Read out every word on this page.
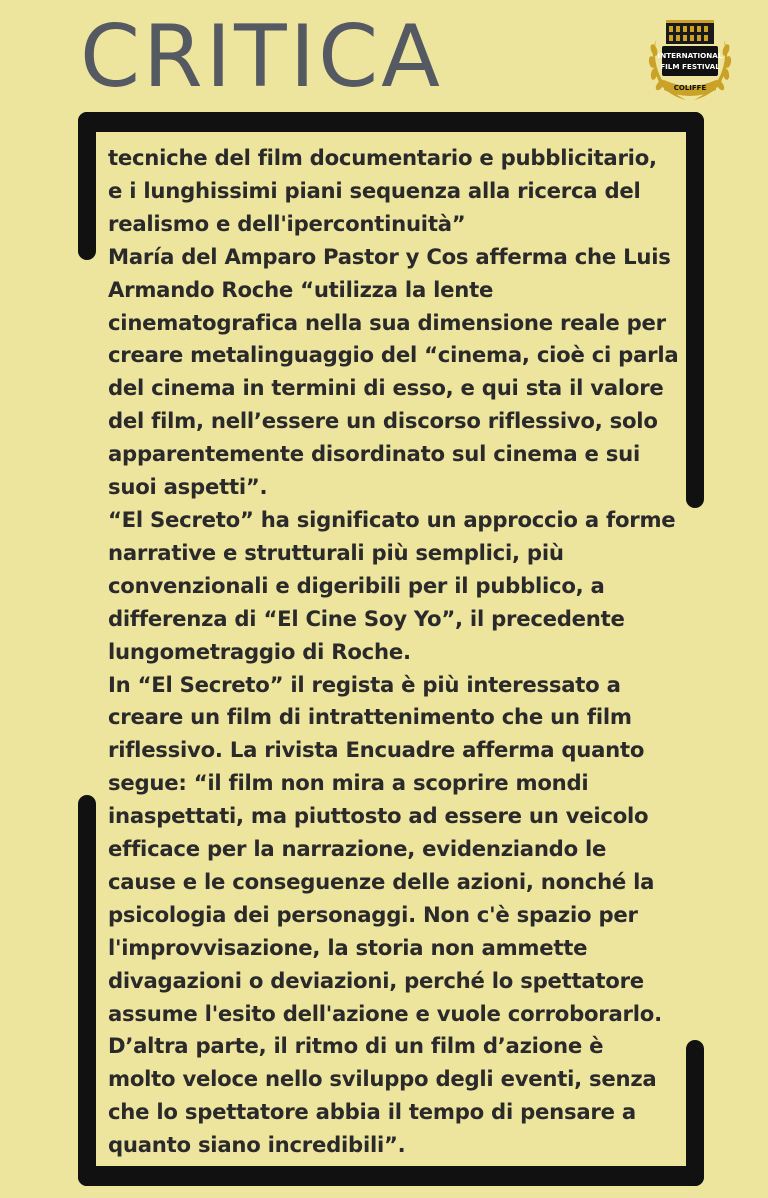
CRITICA	INTERNATIONAL
FILM FESTIVAL
COLIFFE
tecniche del film documentario e pubblicitario,
e i lunghissimi piani sequenza alla ricerca del
realismo e dell'ipercontinuità”
María del Amparo Pastor y Cos afferma che Luis
Armando Roche “utilizza la lente
cinematografica nella sua dimensione reale per
creare metalinguaggio del “cinema, cioè ci parla
del cinema in termini di esso, e qui sta il valore
del film, nell’essere un discorso riflessivo, solo
apparentemente disordinato sul cinema e sui
suoi aspetti”.
“El Secreto” ha significato un approccio a forme
narrative e strutturali più semplici, più
convenzionali e digeribili per il pubblico, a
differenza di “El Cine Soy Yo”, il precedente
lungometraggio di Roche.
In “El Secreto” il regista è più interessato a
creare un film di intrattenimento che un film
riflessivo. La rivista Encuadre afferma quanto
segue: “il film non mira a scoprire mondi
inaspettati, ma piuttosto ad essere un veicolo
efficace per la narrazione, evidenziando le
cause e le conseguenze delle azioni, nonché la
psicologia dei personaggi. Non c'è spazio per
l'improvvisazione, la storia non ammette
divagazioni o deviazioni, perché lo spettatore
assume l'esito dell'azione e vuole corroborarlo.
D’altra parte, il ritmo di un film d’azione è
molto veloce nello sviluppo degli eventi, senza
che lo spettatore abbia il tempo di pensare a
quanto siano incredibili”.
